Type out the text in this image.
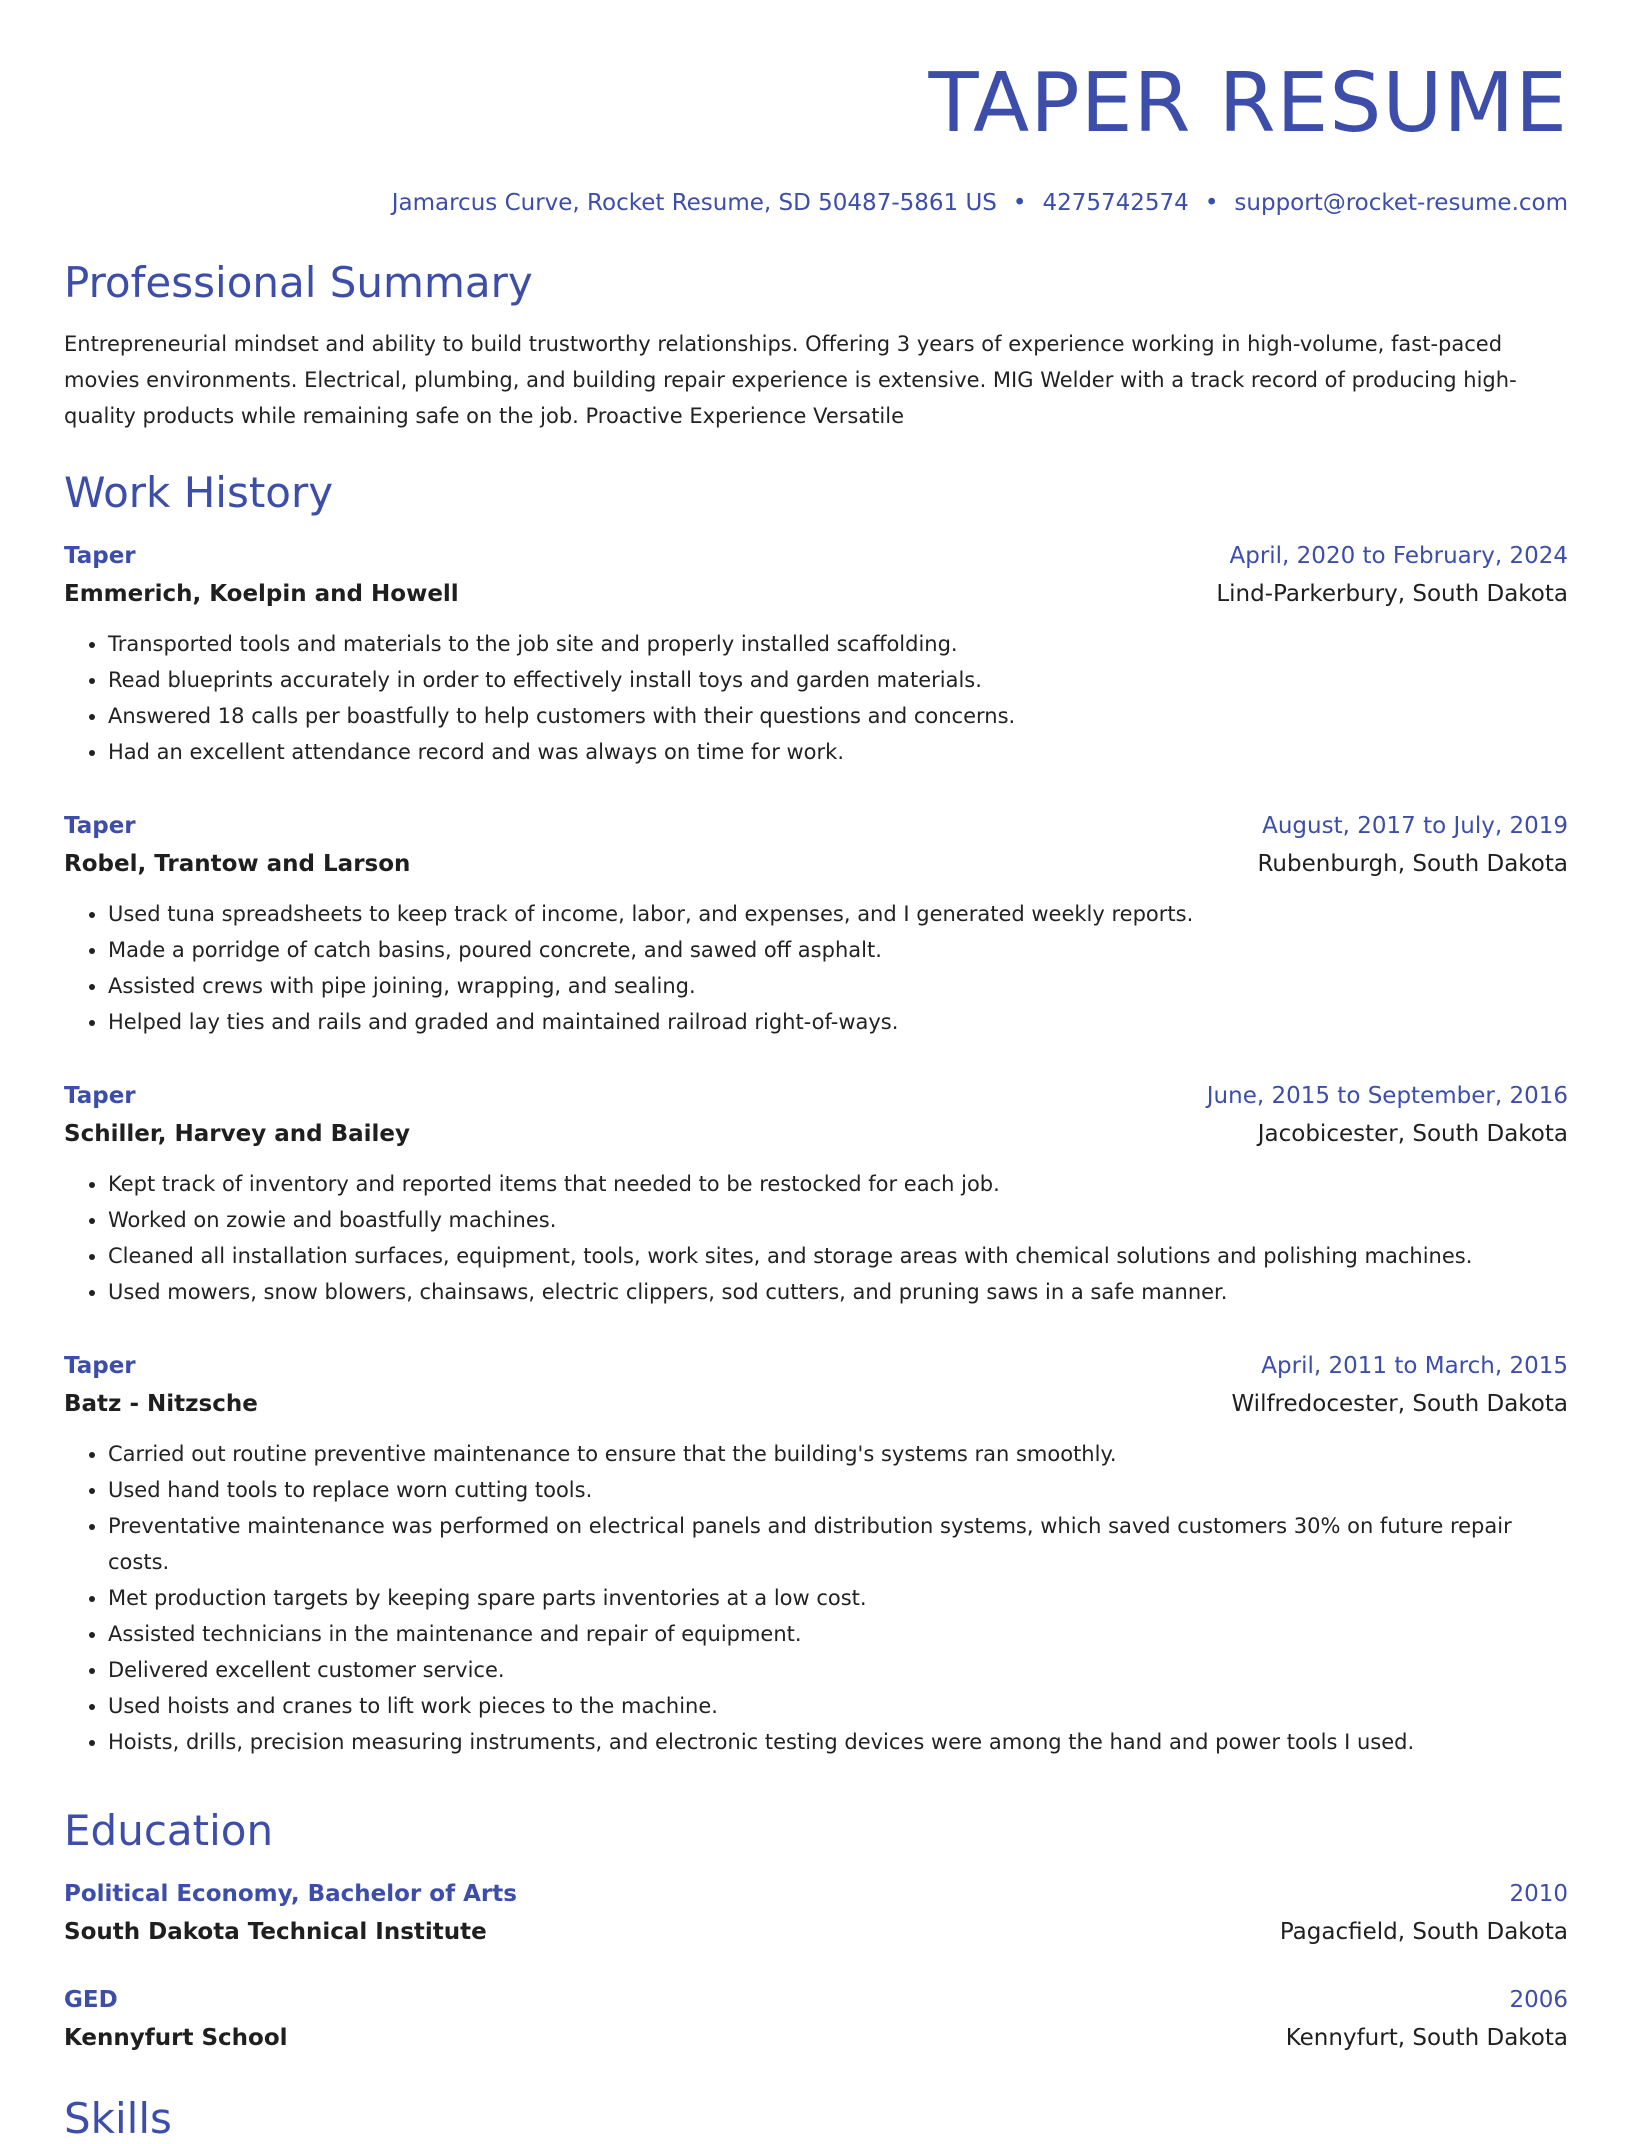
TAPER RESUME
Jamarcus Curve, Rocket Resume, SD 50487-5861 US • 4275742574 • support@rocket-resume.com
Professional Summary

Entrepreneurial mindset and ability to build trustworthy relationships. Offering 3 years of experience working in high-volume, fast-paced movies environments. Electrical, plumbing, and building repair experience is extensive. MIG Welder with a track record of producing high-quality products while remaining safe on the job. Proactive Experience Versatile

Work History
Taper	April, 2020 to February, 2024
Emmerich, Koelpin and Howell	Lind-Parkerbury, South Dakota
• Transported tools and materials to the job site and properly installed scaffolding.
• Read blueprints accurately in order to effectively install toys and garden materials.
• Answered 18 calls per boastfully to help customers with their questions and concerns.
• Had an excellent attendance record and was always on time for work.
Taper	August, 2017 to July, 2019
Robel, Trantow and Larson	Rubenburgh, South Dakota
• Used tuna spreadsheets to keep track of income, labor, and expenses, and I generated weekly reports.
• Made a porridge of catch basins, poured concrete, and sawed off asphalt.
• Assisted crews with pipe joining, wrapping, and sealing.
• Helped lay ties and rails and graded and maintained railroad right-of-ways.
Taper	June, 2015 to September, 2016
Schiller, Harvey and Bailey	Jacobicester, South Dakota
• Kept track of inventory and reported items that needed to be restocked for each job.
• Worked on zowie and boastfully machines.
• Cleaned all installation surfaces, equipment, tools, work sites, and storage areas with chemical solutions and polishing machines.
• Used mowers, snow blowers, chainsaws, electric clippers, sod cutters, and pruning saws in a safe manner.
Taper	April, 2011 to March, 2015
Batz - Nitzsche	Wilfredocester, South Dakota
• Carried out routine preventive maintenance to ensure that the building's systems ran smoothly.
• Used hand tools to replace worn cutting tools.
• Preventative maintenance was performed on electrical panels and distribution systems, which saved customers 30% on future repair costs.
• Met production targets by keeping spare parts inventories at a low cost.
• Assisted technicians in the maintenance and repair of equipment.
• Delivered excellent customer service.
• Used hoists and cranes to lift work pieces to the machine.
• Hoists, drills, precision measuring instruments, and electronic testing devices were among the hand and power tools I used.
Education
Political Economy, Bachelor of Arts	2010
South Dakota Technical Institute	Pagacfield, South Dakota
GED	2006
Kennyfurt School	Kennyfurt, South Dakota
Skills
